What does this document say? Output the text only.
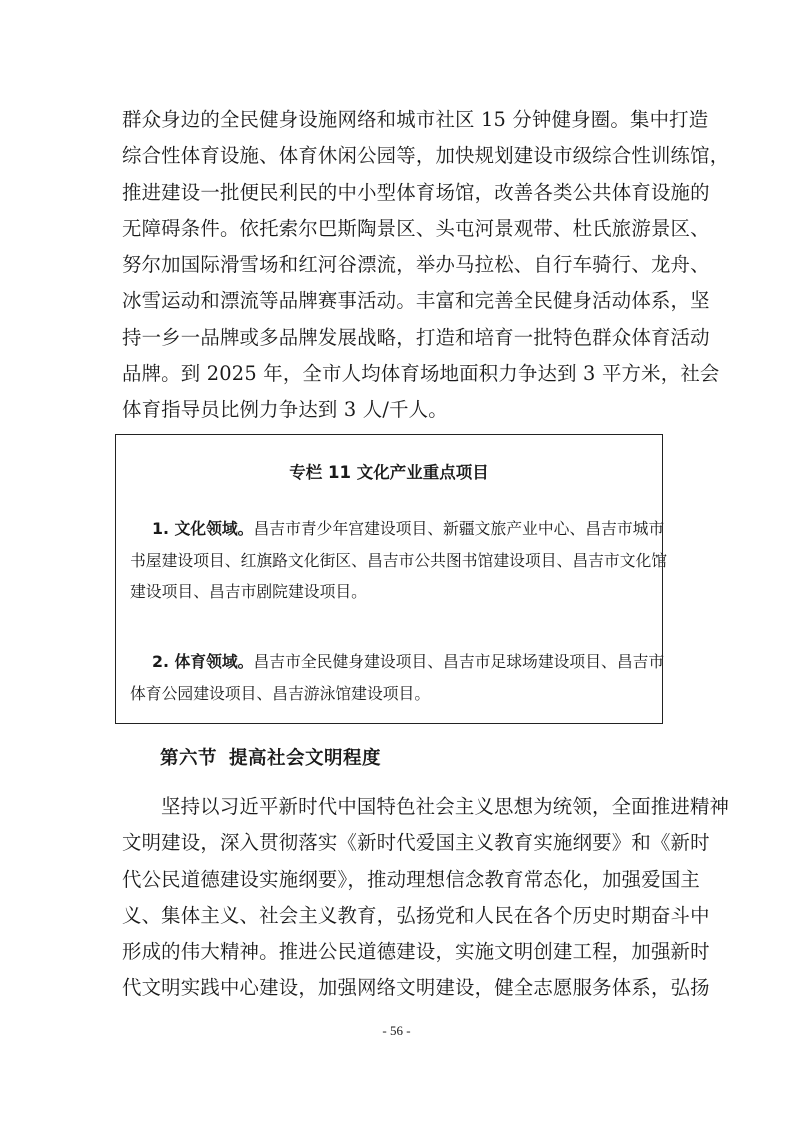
群众身边的全民健身设施网络和城市社区 15 分钟健身圈。集中打造
综合性体育设施、体育休闲公园等，加快规划建设市级综合性训练馆，
推进建设一批便民利民的中小型体育场馆，改善各类公共体育设施的
无障碍条件。依托索尔巴斯陶景区、头屯河景观带、杜氏旅游景区、
努尔加国际滑雪场和红河谷漂流，举办马拉松、自行车骑行、龙舟、
冰雪运动和漂流等品牌赛事活动。丰富和完善全民健身活动体系，坚
持一乡一品牌或多品牌发展战略，打造和培育一批特色群众体育活动
品牌。到 2025 年，全市人均体育场地面积力争达到 3 平方米，社会
体育指导员比例力争达到 3 人/千人。
专栏 11 文化产业重点项目
1. 文化领域。昌吉市青少年宫建设项目、新疆文旅产业中心、昌吉市城市
书屋建设项目、红旗路文化街区、昌吉市公共图书馆建设项目、昌吉市文化馆
建设项目、昌吉市剧院建设项目。
2. 体育领域。昌吉市全民健身建设项目、昌吉市足球场建设项目、昌吉市
体育公园建设项目、昌吉游泳馆建设项目。
第六节 提高社会文明程度
坚持以习近平新时代中国特色社会主义思想为统领，全面推进精神
文明建设，深入贯彻落实《新时代爱国主义教育实施纲要》和《新时
代公民道德建设实施纲要》，推动理想信念教育常态化，加强爱国主
义、集体主义、社会主义教育，弘扬党和人民在各个历史时期奋斗中
形成的伟大精神。推进公民道德建设，实施文明创建工程，加强新时
代文明实践中心建设，加强网络文明建设，健全志愿服务体系，弘扬
- 56 -
